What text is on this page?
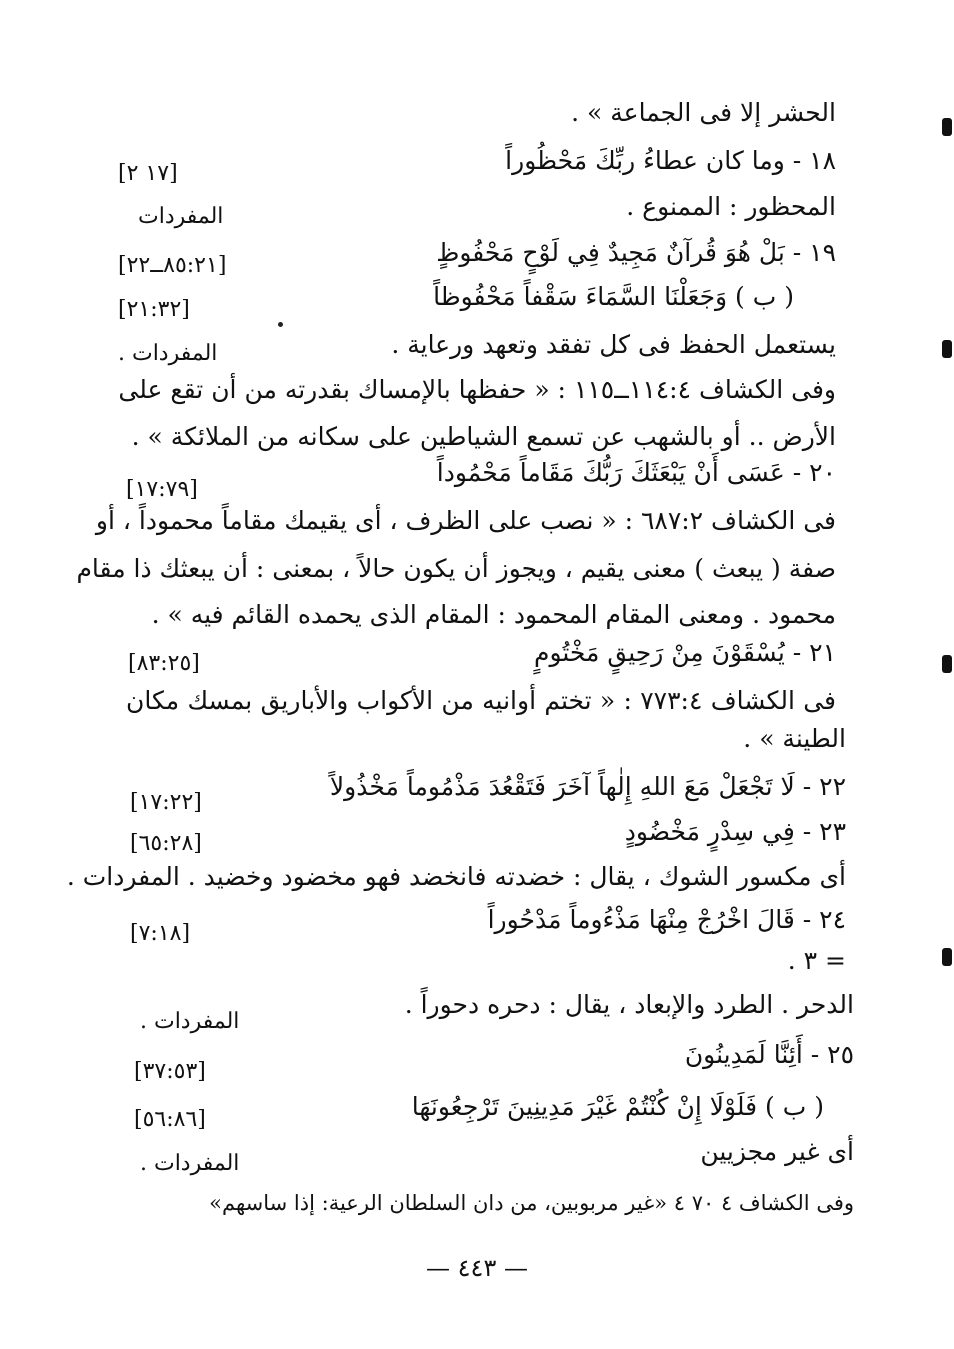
الحشر إلا فى الجماعة » .
١٨ - وما كان عطاءُ ربِّكَ مَحْظُوراً
المحظور : الممنوع .
١٩ - بَلْ هُوَ قُرآنٌ مَجِيدٌ فِي لَوْحٍ مَحْفُوظٍ
( ب ) وَجَعَلْنَا السَّمَاءَ سَقْفاً مَحْفُوظاً
يستعمل الحفظ فى كل تفقد وتعهد ورعاية .
وفى الكشاف ١١٤:٤ــ١١٥ : « حفظها بالإمساك بقدرته من أن تقع على
الأرض .. أو بالشهب عن تسمع الشياطين على سكانه من الملائكة » .
٢٠ - عَسَى أَنْ يَبْعَثَكَ رَبُّكَ مَقَاماً مَحْمُوداً
فى الكشاف ٦٨٧:٢ : « نصب على الظرف ، أى يقيمك مقاماً محموداً ، أو
صفة ( يبعث ) معنى يقيم ، ويجوز أن يكون حالاً ، بمعنى : أن يبعثك ذا مقام
محمود . ومعنى المقام المحمود : المقام الذى يحمده القائم فيه » .
٢١ - يُسْقَوْنَ مِنْ رَحِيقٍ مَخْتُومٍ
فى الكشاف ٧٧٣:٤ : « تختم أوانيه من الأكواب والأباريق بمسك مكان
الطينة » .
٢٢ - لَا تَجْعَلْ مَعَ اللهِ إِلٰهاً آخَرَ فَتَقْعُدَ مَذْمُوماً مَخْذُولاً
٢٣ - فِي سِدْرٍ مَخْضُودٍ
أى مكسور الشوك ، يقال : خضدته فانخضد فهو مخضود وخضيد . المفردات .
٢٤ - قَالَ اخْرُجْ مِنْهَا مَذْءُوماً مَدْحُوراً
= ٣ .
الدحر . الطرد والإبعاد ، يقال : دحره دحوراً .
٢٥ - أَئِنَّا لَمَدِينُونَ
( ب ) فَلَوْلَا إِنْ كُنْتُمْ غَيْرَ مَدِينِينَ تَرْجِعُونَهَا
أى غير مجزيين
وفى الكشاف ٤ ٧٠ ٤ «غير مربوبين، من دان السلطان الرعية: إذا ساسهم»
[١٧ ٢]
المفردات
[٨٥:٢١ــ٢٢]
[٢١:٣٢]
المفردات .
[١٧:٧٩]
[٨٣:٢٥]
[١٧:٢٢]
[٦٥:٢٨]
[٧:١٨]
المفردات .
[٣٧:٥٣]
[٥٦:٨٦]
المفردات .
— ٤٤٣ —
